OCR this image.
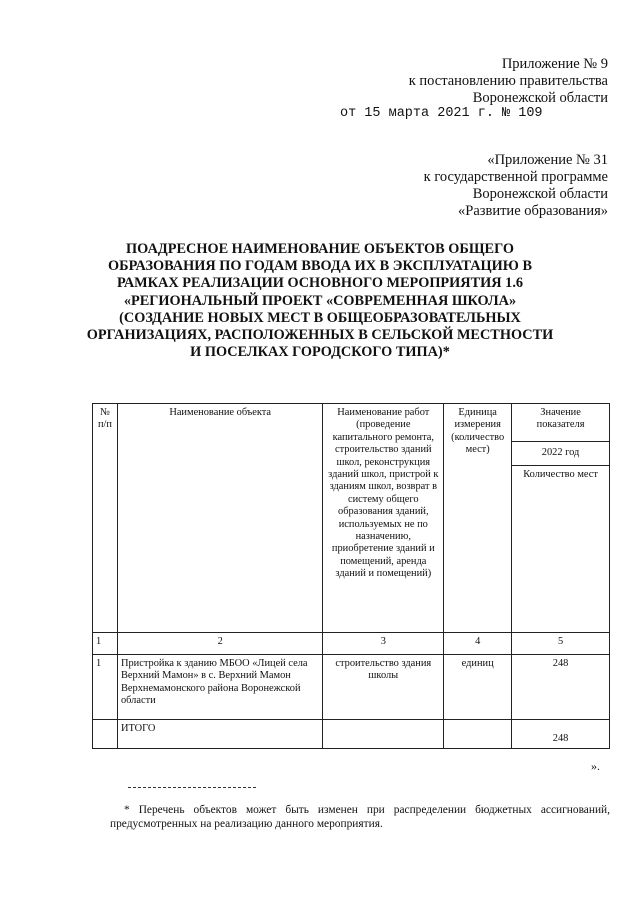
Приложение № 9
к постановлению правительства
Воронежской области
от 15 марта 2021 г. № 109
«Приложение № 31
к государственной программе
Воронежской области
«Развитие образования»
ПОАДРЕСНОЕ НАИМЕНОВАНИЕ ОБЪЕКТОВ ОБЩЕГО
ОБРАЗОВАНИЯ ПО ГОДАМ ВВОДА ИХ В ЭКСПЛУАТАЦИЮ В
РАМКАХ РЕАЛИЗАЦИИ ОСНОВНОГО МЕРОПРИЯТИЯ 1.6
«РЕГИОНАЛЬНЫЙ ПРОЕКТ «СОВРЕМЕННАЯ ШКОЛА»
(СОЗДАНИЕ НОВЫХ МЕСТ В ОБЩЕОБРАЗОВАТЕЛЬНЫХ
ОРГАНИЗАЦИЯХ, РАСПОЛОЖЕННЫХ В СЕЛЬСКОЙ МЕСТНОСТИ
И ПОСЕЛКАХ ГОРОДСКОГО ТИПА)*
№ п/п	Наименование объекта	Наименование работ (проведение капитального ремонта, строительство зданий школ, реконструкция зданий школ, пристрой к зданиям школ, возврат в систему общего образования зданий, используемых не по назначению, приобретение зданий и помещений, аренда зданий и помещений)	Единица измерения (количество мест)	Значение показателя
				2022 год
				Количество мест
1	2	3	4	5
1	Пристройка к зданию МБОО «Лицей села Верхний Мамон» в с. Верхний Мамон Верхнемамонского района Воронежской области	строительство здания школы	единиц	248
	ИТОГО			248
».
* Перечень объектов может быть изменен при распределении бюджетных ассигнований, предусмотренных на реализацию данного мероприятия.
